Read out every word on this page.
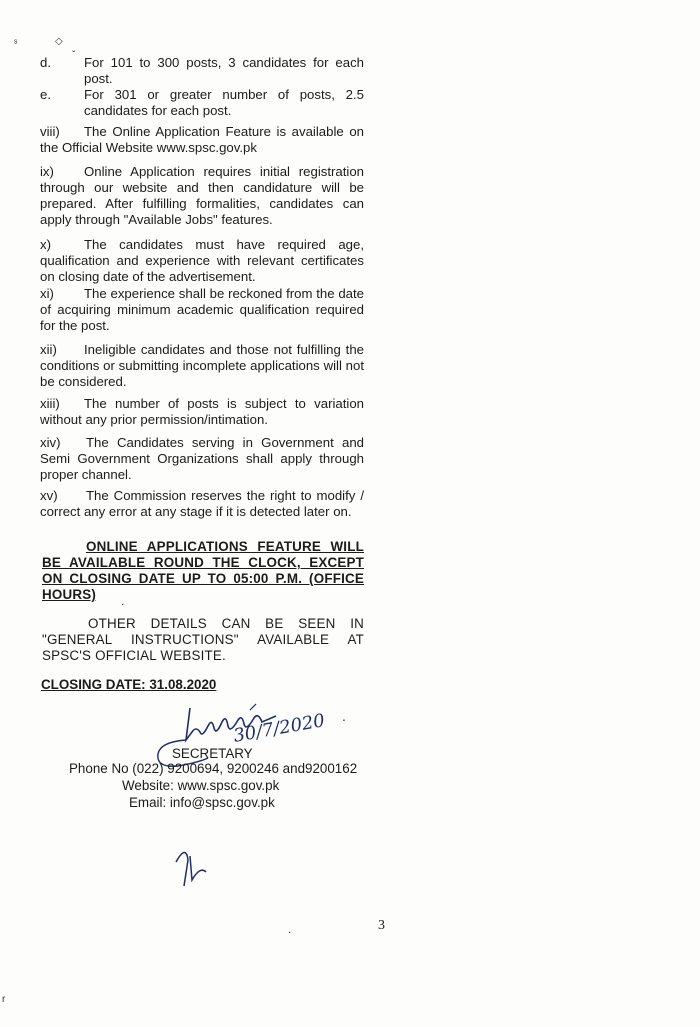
ˢ	◇
ˇ

d.	For 101 to 300 posts, 3 candidates for each post.

e.	For 301 or greater number of posts, 2.5 candidates for each post.

viii) The Online Application Feature is available on the Official Website www.spsc.gov.pk

ix) Online Application requires initial registration through our website and then candidature will be prepared. After fulfilling formalities, candidates can apply through "Available Jobs" features.

x)	The candidates must have required age, qualification and experience with relevant certificates on closing date of the advertisement.

xi) The experience shall be reckoned from the date of acquiring minimum academic qualification required for the post.

xii) Ineligible candidates and those not fulfilling the conditions or submitting incomplete applications will not be considered.

xiii) The number of posts is subject to variation without any prior permission/intimation.

xiv) The Candidates serving in Government and Semi Government Organizations shall apply through proper channel.

xv) The Commission reserves the right to modify / correct any error at any stage if it is detected later on.

ONLINE APPLICATIONS FEATURE WILL BE AVAILABLE ROUND THE CLOCK, EXCEPT ON CLOSING DATE UP TO 05:00 P.M. (OFFICE HOURS)	.

OTHER DETAILS CAN BE SEEN IN "GENERAL INSTRUCTIONS" AVAILABLE AT SPSC'S OFFICIAL WEBSITE.

CLOSING DATE: 31.08.2020
30/7/2020 .
SECRETARY
Phone No (022) 9200694, 9200246 and9200162
Website: www.spsc.gov.pk
Email: info@spsc.gov.pk
3
.
r
